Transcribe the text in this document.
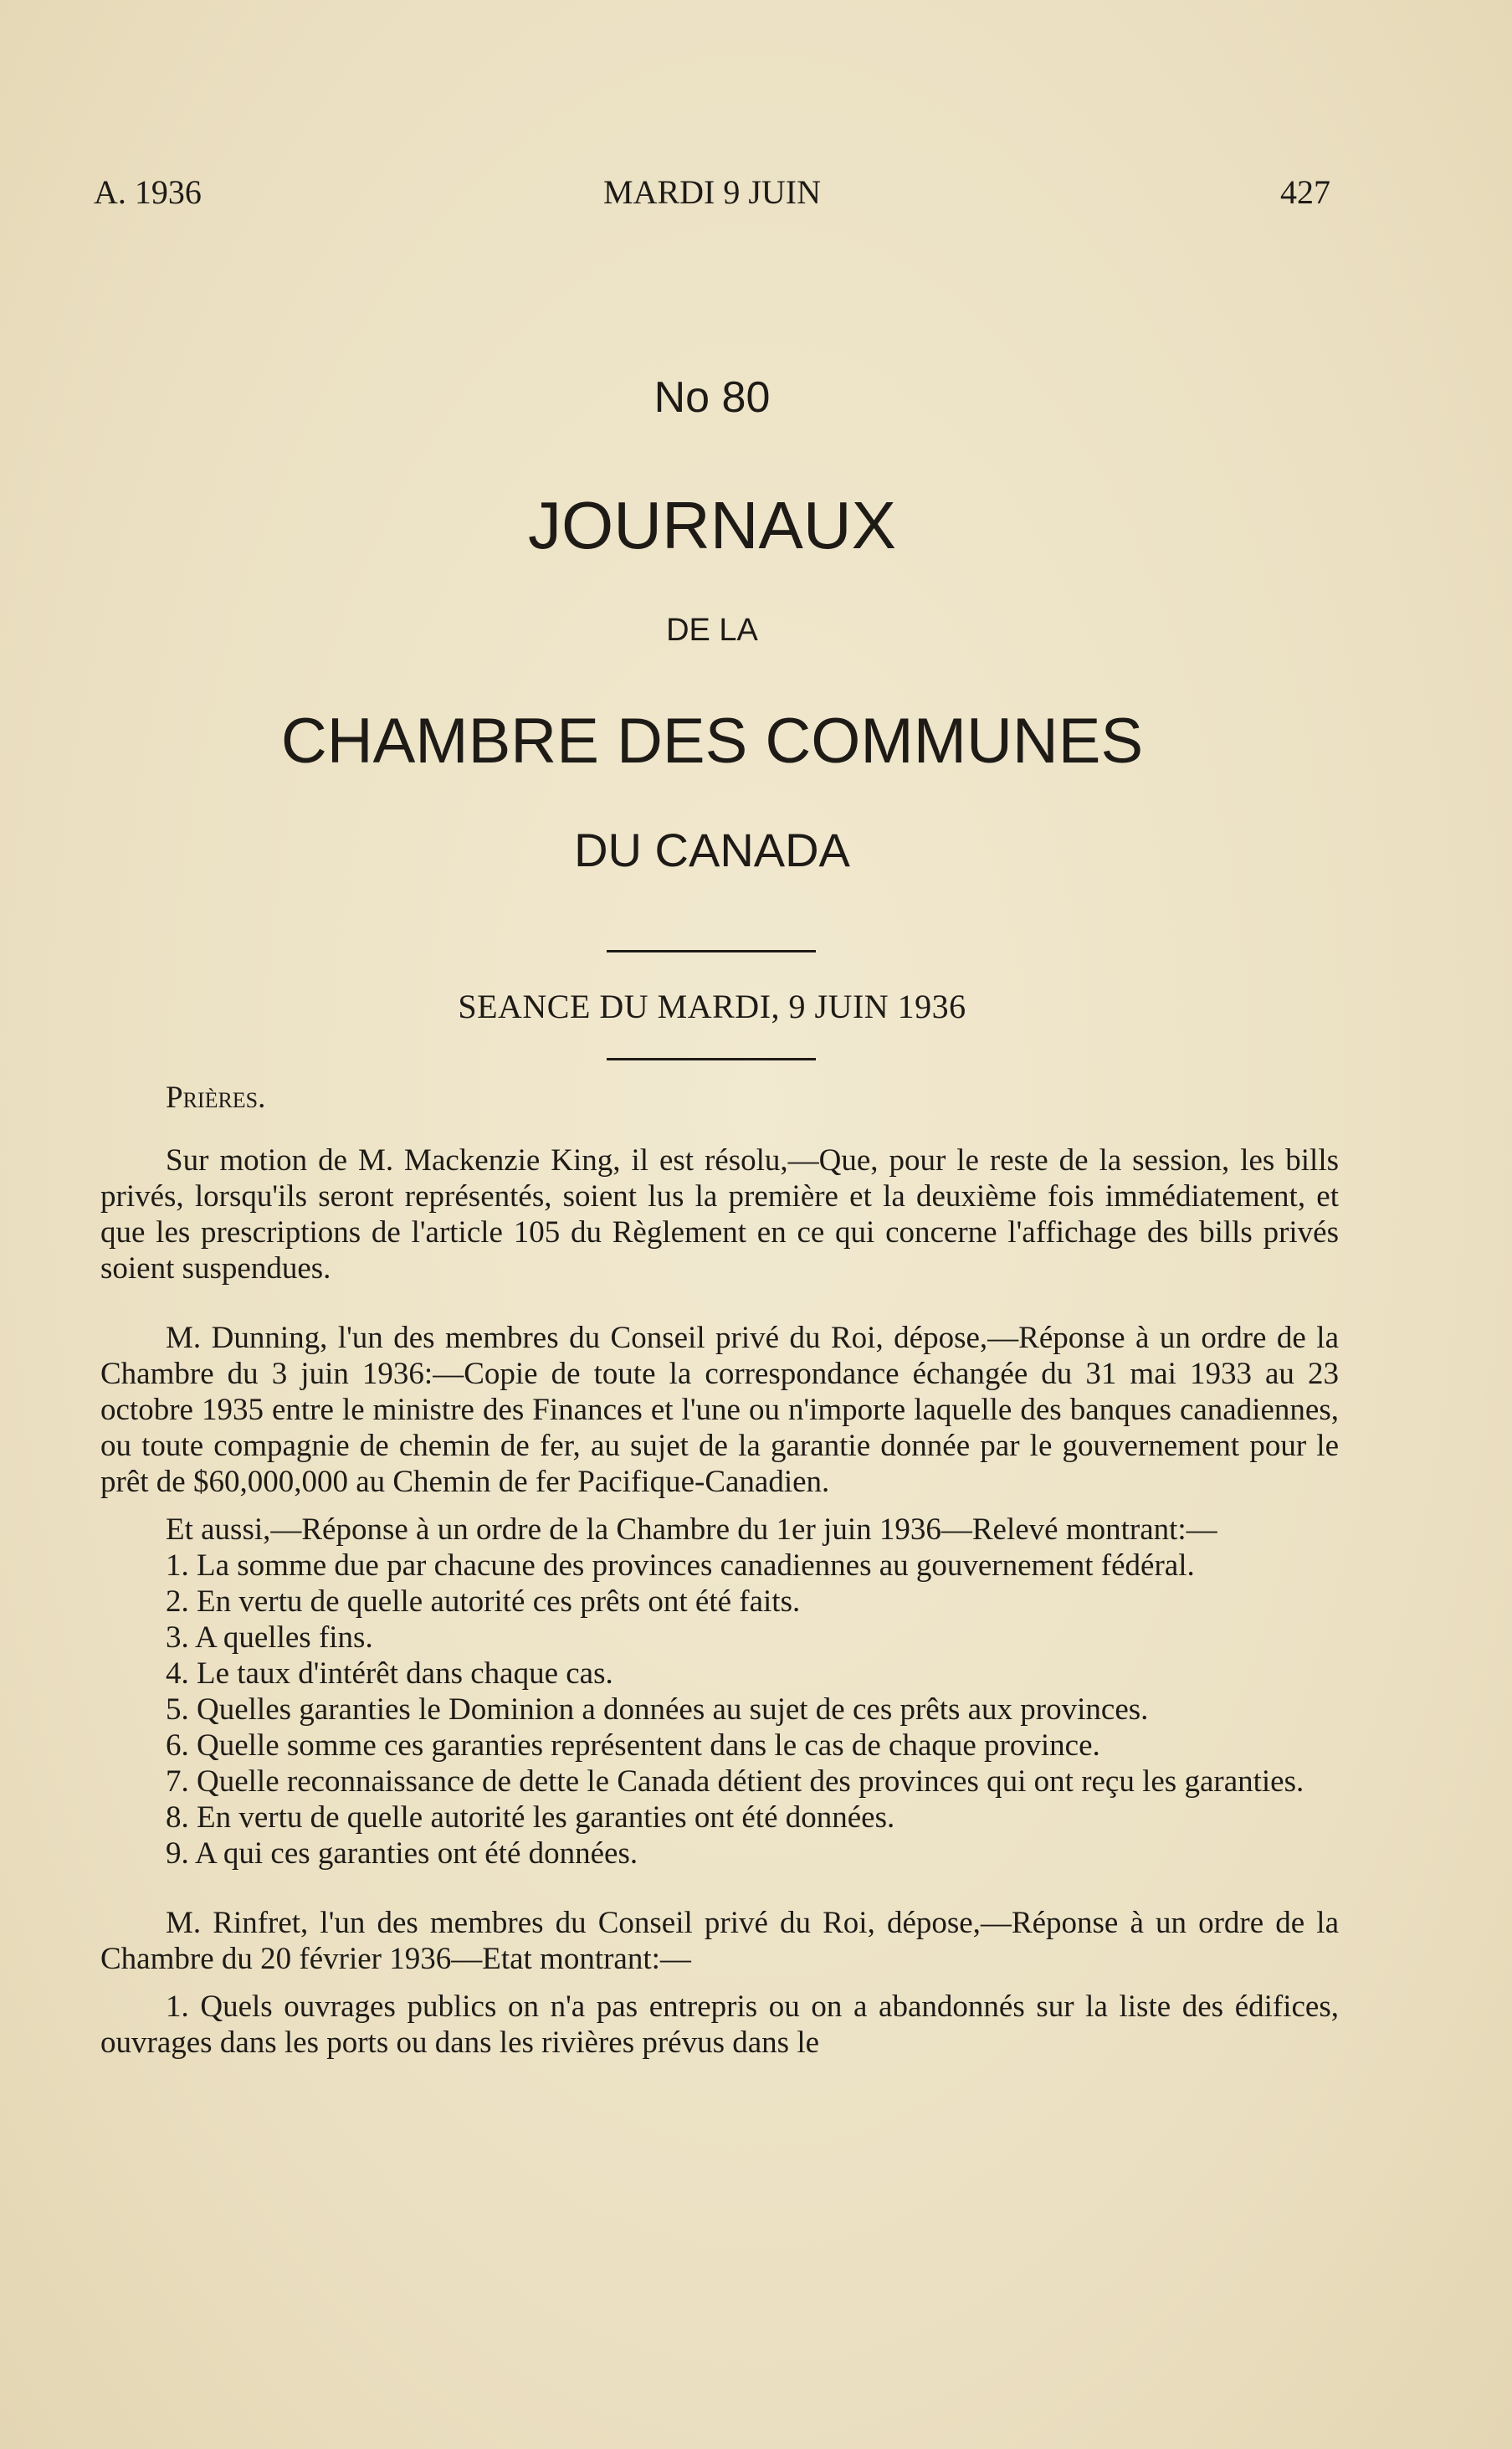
A. 1936	MARDI 9 JUIN	427
No 80
JOURNAUX
DE LA
CHAMBRE DES COMMUNES
DU CANADA
SEANCE DU MARDI, 9 JUIN 1936

Prières.

Sur motion de M. Mackenzie King, il est résolu,—Que, pour le reste de la session, les bills privés, lorsqu'ils seront représentés, soient lus la première et la deuxième fois immédiatement, et que les prescriptions de l'article 105 du Règlement en ce qui concerne l'affichage des bills privés soient suspendues.

M. Dunning, l'un des membres du Conseil privé du Roi, dépose,—Réponse à un ordre de la Chambre du 3 juin 1936:—Copie de toute la correspondance échangée du 31 mai 1933 au 23 octobre 1935 entre le ministre des Finances et l'une ou n'importe laquelle des banques canadiennes, ou toute compagnie de chemin de fer, au sujet de la garantie donnée par le gouvernement pour le prêt de $60,000,000 au Chemin de fer Pacifique-Canadien.

Et aussi,—Réponse à un ordre de la Chambre du 1er juin 1936—Relevé montrant:—

1. La somme due par chacune des provinces canadiennes au gouvernement fédéral.
2. En vertu de quelle autorité ces prêts ont été faits.
3. A quelles fins.
4. Le taux d'intérêt dans chaque cas.
5. Quelles garanties le Dominion a données au sujet de ces prêts aux provinces.
6. Quelle somme ces garanties représentent dans le cas de chaque province.
7. Quelle reconnaissance de dette le Canada détient des provinces qui ont reçu les garanties.
8. En vertu de quelle autorité les garanties ont été données.
9. A qui ces garanties ont été données.

M. Rinfret, l'un des membres du Conseil privé du Roi, dépose,—Réponse à un ordre de la Chambre du 20 février 1936—Etat montrant:—

1. Quels ouvrages publics on n'a pas entrepris ou on a abandonnés sur la liste des édifices, ouvrages dans les ports ou dans les rivières prévus dans le
